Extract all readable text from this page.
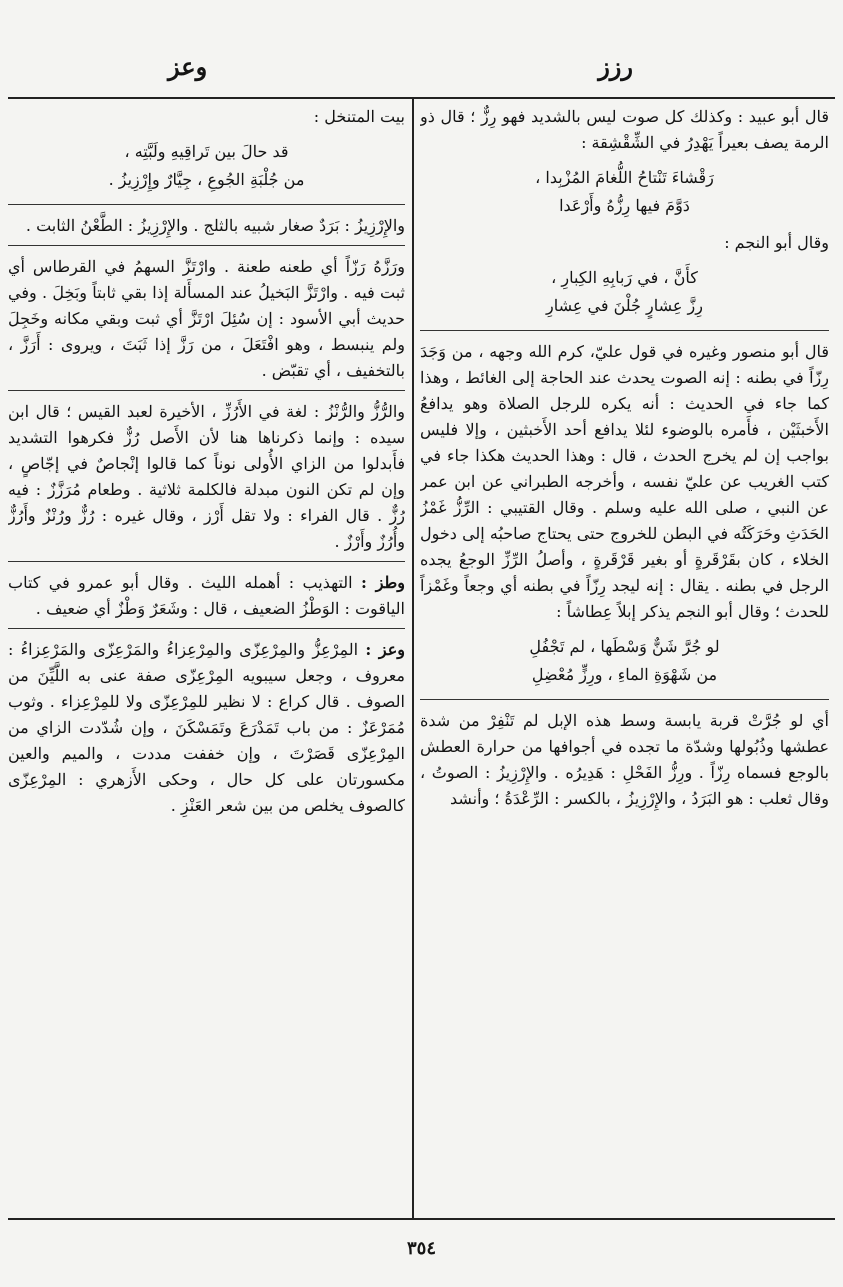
رزز
وعز

قال أبو عبيد : وكذلك كل صوت ليس بالشديد فهو رِزٌّ ؛ قال ذو الرمة يصف بعيراً يَهْدِرُ في الشِّقْشِقة :

رَقْشاءَ تَنْتاحُ اللُّغامَ المُزْبِدا ،
دَوَّمَ فيها رِزُّهُ وأَرْعَدا

وقال أبو النجم :

كأَنَّ ، في رَبابِهِ الكِبارِ ،
رِزَّ عِشارٍ جُلْنَ في عِشارِ

قال أبو منصور وغيره في قول عليّ، كرم الله وجهه ، من وَجَدَ رِزّاً في بطنه : إنه الصوت يحدث عند الحاجة إلى الغائط ، وهذا كما جاء في الحديث : أنه يكره للرجل الصلاة وهو يدافعُ الأَخبثَيْن ، فأَمره بالوضوء لئلا يدافع أحد الأَخبثين ، وإلا فليس بواجب إن لم يخرج الحدث ، قال : وهذا الحديث هكذا جاء في كتب الغريب عن عليّ نفسه ، وأخرجه الطبراني عن ابن عمر عن النبي ، صلى الله عليه وسلم . وقال القتيبي : الرِّزُّ غَمْزُ الحَدَثِ وحَرَكَتُه في البطن للخروج حتى يحتاج صاحبُه إلى دخول الخلاء ، كان بقَرْقَرةٍ أو بغير قَرْقَرةٍ ، وأصلُ الرِّزِّ الوجعُ يجده الرجل في بطنه . يقال : إنه ليجد رِزّاً في بطنه أي وجعاً وغَمْزاً للحدث ؛ وقال أبو النجم يذكر إبلاً عِطاشاً :

لو جُرَّ شَنٌّ وَسْطَها ، لم تَجْفُلِ
من شَهْوَةِ الماءِ ، ورِزٍّ مُعْضِلِ

أي لو جُرَّتْ قربة يابسة وسط هذه الإبل لم تَنْفِرْ من شدة عطشها وذُبُولها وشدّة ما تجده في أجوافها من حرارة العطش بالوجع فسماه رِزّاً . ورِزُّ الفَحْلِ : هَدِيرُه . والإِرْزِيزُ : الصوتُ ، وقال ثعلب : هو البَرَدُ ، والإِرْزِيزُ ، بالكسر : الرِّعْدَةُ ؛ وأنشد

بيت المتنخل :

قد حالَ بين تَراقِيهِ ولَبَّتِه ،
من جُلْبَةِ الجُوعِ ، جِيَّارٌ وإِرْزِيزُ .

والإِرْزِيزُ : بَرَدٌ صغار شبيه بالثلج . والإِرْزِيزُ : الطَّعْنُ الثابت .

ورَزَّهُ رَزّاً أي طعنه طعنة . وارْتَزَّ السهمُ في القرطاس أي ثبت فيه . وارْتَزَّ البَخيلُ عند المسأَلة إذا بقي ثابتاً وبَخِلَ . وفي حديث أبي الأسود : إن سُئِلَ ارْتَزَّ أي ثبت وبقي مكانه وخَجِلَ ولم ينبسط ، وهو افْتَعَلَ ، من رَزَّ إذا ثَبَتَ ، ويروى : أَرَزَّ ، بالتخفيف ، أي تقبّض .

والرُّزُّ والرُّنْزُ : لغة في الأَرُزِّ ، الأخيرة لعبد القيس ؛ قال ابن سيده : وإنما ذكرناها هنا لأن الأَصل رُزٌّ فكرهوا التشديد فأَبدلوا من الزاي الأُولى نوناً كما قالوا إنْجاصٌ في إجّاصٍ ، وإن لم تكن النون مبدلة فالكلمة ثلاثية . وطعام مُرَزَّزٌ : فيه رُزٌّ . قال الفراء : ولا تقل أَرْز ، وقال غيره : رُزٌّ ورُنْزٌ وأَرُزٌّ وأُرُزٌ وأَرْزٌ .

وطز : التهذيب : أهمله الليث . وقال أبو عمرو في كتاب الياقوت : الوَطْزُ الضعيف ، قال : وشَعَرٌ وَطْزٌ أي ضعيف .

وعز : المِرْعِزُّ والمِرْعِزّى والمِرْعِزاءُ والمَرْعِزّى والمَرْعِزاءُ : معروف ، وجعل سيبويه المِرْعِزّى صفة عنى به اللَّيِّنَ من الصوف . قال كراع : لا نظير للمِرْعِزّى ولا للمِرْعِزاء . وثوب مُمَرْعَزٌ : من باب تَمَدْرَعَ وتَمَسْكَنَ ، وإن شُدّدت الزاي من المِرْعِزّى قَصَرْتَ ، وإن خففت مددت ، والميم والعين مكسورتان على كل حال ، وحكى الأَزهري : المِرْعِزّى كالصوف يخلص من بين شعر العَنْزِ .

٣٥٤
